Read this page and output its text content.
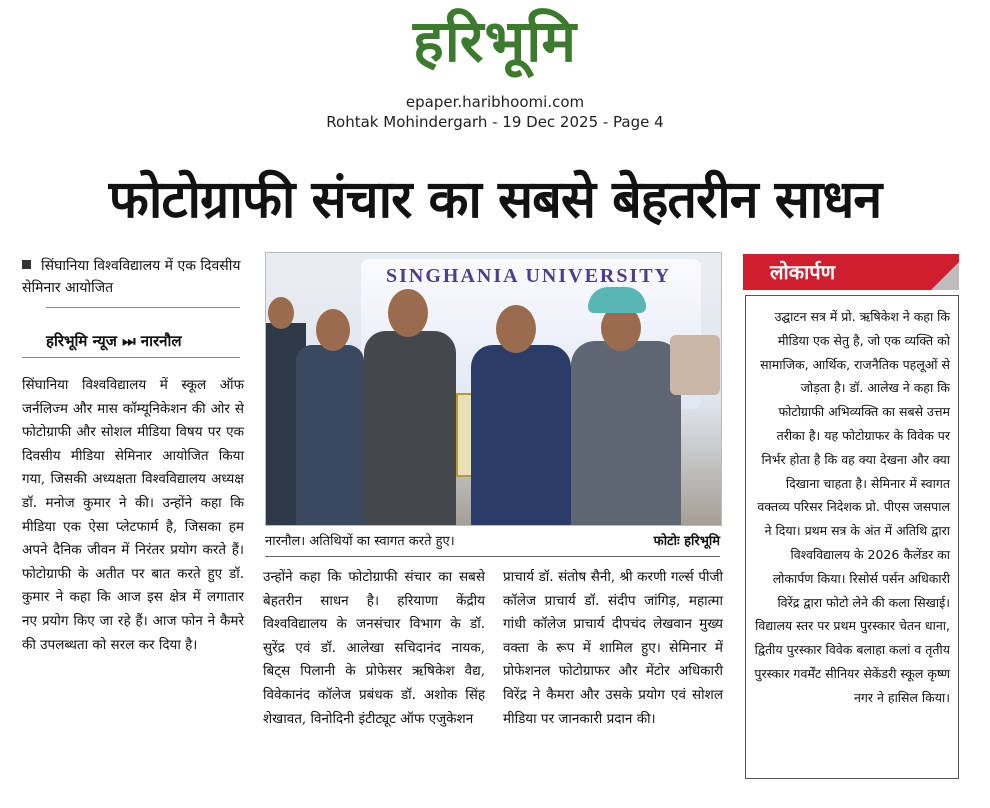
हरिभूमि
epaper.haribhoomi.com
Rohtak Mohindergarh - 19 Dec 2025 - Page 4
फोटोग्राफी संचार का सबसे बेहतरीन साधन
सिंघानिया विश्वविद्यालय में एक दिवसीय सेमिनार आयोजित
हरिभूमि न्यूज ⏭ नारनौल
सिंघानिया विश्वविद्यालय में स्कूल ऑफ जर्नलिज्म और मास कॉम्यूनिकेशन की ओर से फोटोग्राफी और सोशल मीडिया विषय पर एक दिवसीय मीडिया सेमिनार आयोजित किया गया, जिसकी अध्यक्षता विश्वविद्यालय अध्यक्ष डॉ. मनोज कुमार ने की। उन्होंने कहा कि मीडिया एक ऐसा प्लेटफार्म है, जिसका हम अपने दैनिक जीवन में निरंतर प्रयोग करते हैं। फोटोग्राफी के अतीत पर बात करते हुए डॉ. कुमार ने कहा कि आज इस क्षेत्र में लगातार नए प्रयोग किए जा रहे हैं। आज फोन ने कैमरे की उपलब्धता को सरल कर दिया है।
SINGHANIA UNIVERSITY
नारनौल। अतिथियों का स्वागत करते हुए।	फोटोः हरिभूमि
उन्होंने कहा कि फोटोग्राफी संचार का सबसे बेहतरीन साधन है। हरियाणा केंद्रीय विश्वविद्यालय के जनसंचार विभाग के डॉ. सुरेंद्र एवं डॉ. आलेखा सचिदानंद नायक, बिट्स पिलानी के प्रोफेसर ऋषिकेश वैद्य, विवेकानंद कॉलेज प्रबंधक डॉ. अशोक सिंह शेखावत, विनोदिनी इंटीट्यूट ऑफ एजुकेशन
प्राचार्य डॉ. संतोष सैनी, श्री करणी गर्ल्स पीजी कॉलेज प्राचार्य डॉ. संदीप जांगिड़, महात्मा गांधी कॉलेज प्राचार्य दीपचंद लेखवान मुख्य वक्ता के रूप में शामिल हुए। सेमिनार में प्रोफेशनल फोटोग्राफर और मेंटोर अधिकारी विरेंद्र ने कैमरा और उसके प्रयोग एवं सोशल मीडिया पर जानकारी प्रदान की।
लोकार्पण
उद्घाटन सत्र में प्रो. ऋषिकेश ने कहा कि मीडिया एक सेतु है, जो एक व्यक्ति को सामाजिक, आर्थिक, राजनैतिक पहलूओं से जोड़ता है। डॉ. आलेख ने कहा कि फोटोग्राफी अभिव्यक्ति का सबसे उत्तम तरीका है। यह फोटोग्राफर के विवेक पर निर्भर होता है कि वह क्या देखना और क्या दिखाना चाहता है। सेमिनार में स्वागत वक्तव्य परिसर निदेशक प्रो. पीएस जसपाल ने दिया। प्रथम सत्र के अंत में अतिथि द्वारा विश्वविद्यालय के 2026 कैलेंडर का लोकार्पण किया। रिसोर्स पर्सन अधिकारी विरेंद्र द्वारा फोटो लेने की कला सिखाई। विद्यालय स्तर पर प्रथम पुरस्कार चेतन धाना, द्वितीय पुरस्कार विवेक बलाहा कलां व तृतीय पुरस्कार गवर्मेंट सीनियर सेकेंडरी स्कूल कृष्ण नगर ने हासिल किया।
